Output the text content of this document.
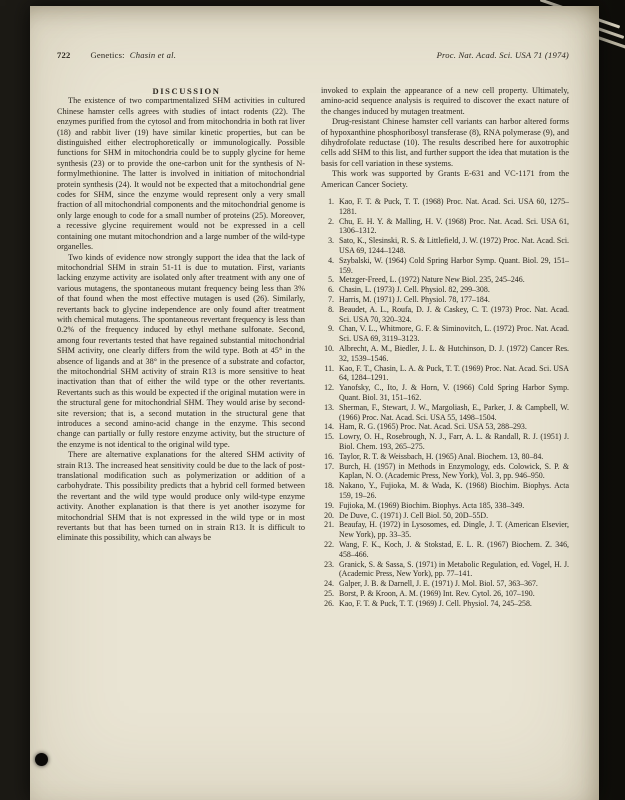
722 Genetics: Chasin et al.	Proc. Nat. Acad. Sci. USA 71 (1974)

DISCUSSION

The existence of two compartmentalized SHM activities in cultured Chinese hamster cells agrees with studies of intact rodents (22). The enzymes purified from the cytosol and from mitochondria in both rat liver (18) and rabbit liver (19) have similar kinetic properties, but can be distinguished either electrophoretically or immunologically. Possible functions for SHM in mitochondria could be to supply glycine for heme synthesis (23) or to provide the one-carbon unit for the synthesis of N-formylmethionine. The latter is involved in initiation of mitochondrial protein synthesis (24). It would not be expected that a mitochondrial gene codes for SHM, since the enzyme would represent only a very small fraction of all mitochondrial components and the mitochondrial genome is only large enough to code for a small number of proteins (25). Moreover, a recessive glycine requirement would not be expressed in a cell containing one mutant mitochondrion and a large number of the wild-type organelles.

Two kinds of evidence now strongly support the idea that the lack of mitochondrial SHM in strain 51-11 is due to mutation. First, variants lacking enzyme activity are isolated only after treatment with any one of various mutagens, the spontaneous mutant frequency being less than 3% of that found when the most effective mutagen is used (26). Similarly, revertants back to glycine independence are only found after treatment with chemical mutagens. The spontaneous revertant frequency is less than 0.2% of the frequency induced by ethyl methane sulfonate. Second, among four revertants tested that have regained substantial mitochondrial SHM activity, one clearly differs from the wild type. Both at 45° in the absence of ligands and at 38° in the presence of a substrate and cofactor, the mitochondrial SHM activity of strain R13 is more sensitive to heat inactivation than that of either the wild type or the other revertants. Revertants such as this would be expected if the original mutation were in the structural gene for mitochondrial SHM. They would arise by second-site reversion; that is, a second mutation in the structural gene that introduces a second amino-acid change in the enzyme. This second change can partially or fully restore enzyme activity, but the structure of the enzyme is not identical to the original wild type.

There are alternative explanations for the altered SHM activity of strain R13. The increased heat sensitivity could be due to the lack of post-translational modification such as polymerization or addition of a carbohydrate. This possibility predicts that a hybrid cell formed between the revertant and the wild type would produce only wild-type enzyme activity. Another explanation is that there is yet another isozyme for mitochondrial SHM that is not expressed in the wild type or in most revertants but that has been turned on in strain R13. It is difficult to eliminate this possibility, which can always be

invoked to explain the appearance of a new cell property. Ultimately, amino-acid sequence analysis is required to discover the exact nature of the changes induced by mutagen treatment.

Drug-resistant Chinese hamster cell variants can harbor altered forms of hypoxanthine phosphoribosyl transferase (8), RNA polymerase (9), and dihydrofolate reductase (10). The results described here for auxotrophic cells add SHM to this list, and further support the idea that mutation is the basis for cell variation in these systems.

This work was supported by Grants E-631 and VC-1171 from the American Cancer Society.

1. Kao, F. T. & Puck, T. T. (1968) Proc. Nat. Acad. Sci. USA 60, 1275–1281.
2. Chu, E. H. Y. & Malling, H. V. (1968) Proc. Nat. Acad. Sci. USA 61, 1306–1312.
3. Sato, K., Slesinski, R. S. & Littlefield, J. W. (1972) Proc. Nat. Acad. Sci. USA 69, 1244–1248.
4. Szybalski, W. (1964) Cold Spring Harbor Symp. Quant. Biol. 29, 151–159.
5. Metzger-Freed, L. (1972) Nature New Biol. 235, 245–246.
6. Chasin, L. (1973) J. Cell. Physiol. 82, 299–308.
7. Harris, M. (1971) J. Cell. Physiol. 78, 177–184.
8. Beaudet, A. L., Roufa, D. J. & Caskey, C. T. (1973) Proc. Nat. Acad. Sci. USA 70, 320–324.
9. Chan, V. L., Whitmore, G. F. & Siminovitch, L. (1972) Proc. Nat. Acad. Sci. USA 69, 3119–3123.
10. Albrecht, A. M., Biedler, J. L. & Hutchinson, D. J. (1972) Cancer Res. 32, 1539–1546.
11. Kao, F. T., Chasin, L. A. & Puck, T. T. (1969) Proc. Nat. Acad. Sci. USA 64, 1284–1291.
12. Yanofsky, C., Ito, J. & Horn, V. (1966) Cold Spring Harbor Symp. Quant. Biol. 31, 151–162.
13. Sherman, F., Stewart, J. W., Margoliash, E., Parker, J. & Campbell, W. (1966) Proc. Nat. Acad. Sci. USA 55, 1498–1504.
14. Ham, R. G. (1965) Proc. Nat. Acad. Sci. USA 53, 288–293.
15. Lowry, O. H., Rosebrough, N. J., Farr, A. L. & Randall, R. J. (1951) J. Biol. Chem. 193, 265–275.
16. Taylor, R. T. & Weissbach, H. (1965) Anal. Biochem. 13, 80–84.
17. Burch, H. (1957) in Methods in Enzymology, eds. Colowick, S. P. & Kaplan, N. O. (Academic Press, New York), Vol. 3, pp. 946–950.
18. Nakano, Y., Fujioka, M. & Wada, K. (1968) Biochim. Biophys. Acta 159, 19–26.
19. Fujioka, M. (1969) Biochim. Biophys. Acta 185, 338–349.
20. De Duve, C. (1971) J. Cell Biol. 50, 20D–55D.
21. Beaufay, H. (1972) in Lysosomes, ed. Dingle, J. T. (American Elsevier, New York), pp. 33–35.
22. Wang, F. K., Koch, J. & Stokstad, E. L. R. (1967) Biochem. Z. 346, 458–466.
23. Granick, S. & Sassa, S. (1971) in Metabolic Regulation, ed. Vogel, H. J. (Academic Press, New York), pp. 77–141.
24. Galper, J. B. & Darnell, J. E. (1971) J. Mol. Biol. 57, 363–367.
25. Borst, P. & Kroon, A. M. (1969) Int. Rev. Cytol. 26, 107–190.
26. Kao, F. T. & Puck, T. T. (1969) J. Cell. Physiol. 74, 245–258.
